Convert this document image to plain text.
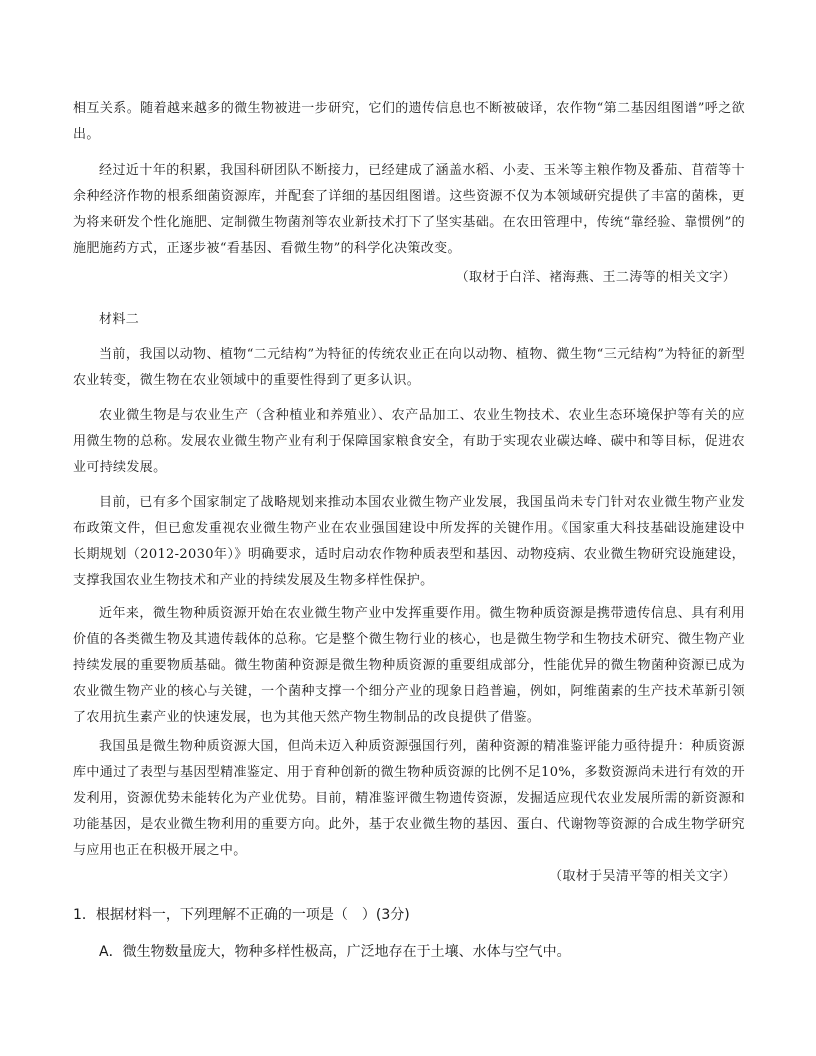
相互关系。随着越来越多的微生物被进一步研究，它们的遗传信息也不断被破译，农作物“第二基因组图谱”呼之欲出。

经过近十年的积累，我国科研团队不断接力，已经建成了涵盖水稻、小麦、玉米等主粮作物及番茄、苜蓿等十余种经济作物的根系细菌资源库，并配套了详细的基因组图谱。这些资源不仅为本领域研究提供了丰富的菌株，更为将来研发个性化施肥、定制微生物菌剂等农业新技术打下了坚实基础。在农田管理中，传统“靠经验、靠惯例”的施肥施药方式，正逐步被“看基因、看微生物”的科学化决策改变。

（取材于白洋、褚海燕、王二涛等的相关文字）

材料二

当前，我国以动物、植物“二元结构”为特征的传统农业正在向以动物、植物、微生物“三元结构”为特征的新型农业转变，微生物在农业领域中的重要性得到了更多认识。

农业微生物是与农业生产（含种植业和养殖业）、农产品加工、农业生物技术、农业生态环境保护等有关的应用微生物的总称。发展农业微生物产业有利于保障国家粮食安全，有助于实现农业碳达峰、碳中和等目标，促进农业可持续发展。

目前，已有多个国家制定了战略规划来推动本国农业微生物产业发展，我国虽尚未专门针对农业微生物产业发布政策文件，但已愈发重视农业微生物产业在农业强国建设中所发挥的关键作用。《国家重大科技基础设施建设中长期规划（2012-2030年）》明确要求，适时启动农作物种质表型和基因、动物疫病、农业微生物研究设施建设，支撑我国农业生物技术和产业的持续发展及生物多样性保护。

近年来，微生物种质资源开始在农业微生物产业中发挥重要作用。微生物种质资源是携带遗传信息、具有利用价值的各类微生物及其遗传载体的总称。它是整个微生物行业的核心，也是微生物学和生物技术研究、微生物产业持续发展的重要物质基础。微生物菌种资源是微生物种质资源的重要组成部分，性能优异的微生物菌种资源已成为农业微生物产业的核心与关键，一个菌种支撑一个细分产业的现象日趋普遍，例如，阿维菌素的生产技术革新引领了农用抗生素产业的快速发展，也为其他天然产物生物制品的改良提供了借鉴。

我国虽是微生物种质资源大国，但尚未迈入种质资源强国行列，菌种资源的精准鉴评能力亟待提升：种质资源库中通过了表型与基因型精准鉴定、用于育种创新的微生物种质资源的比例不足10%，多数资源尚未进行有效的开发利用，资源优势未能转化为产业优势。目前，精准鉴评微生物遗传资源，发掘适应现代农业发展所需的新资源和功能基因，是农业微生物利用的重要方向。此外，基于农业微生物的基因、蛋白、代谢物等资源的合成生物学研究与应用也正在积极开展之中。

（取材于吴清平等的相关文字）

1．根据材料一，下列理解不正确的一项是（　）(3分)

A．微生物数量庞大，物种多样性极高，广泛地存在于土壤、水体与空气中。
